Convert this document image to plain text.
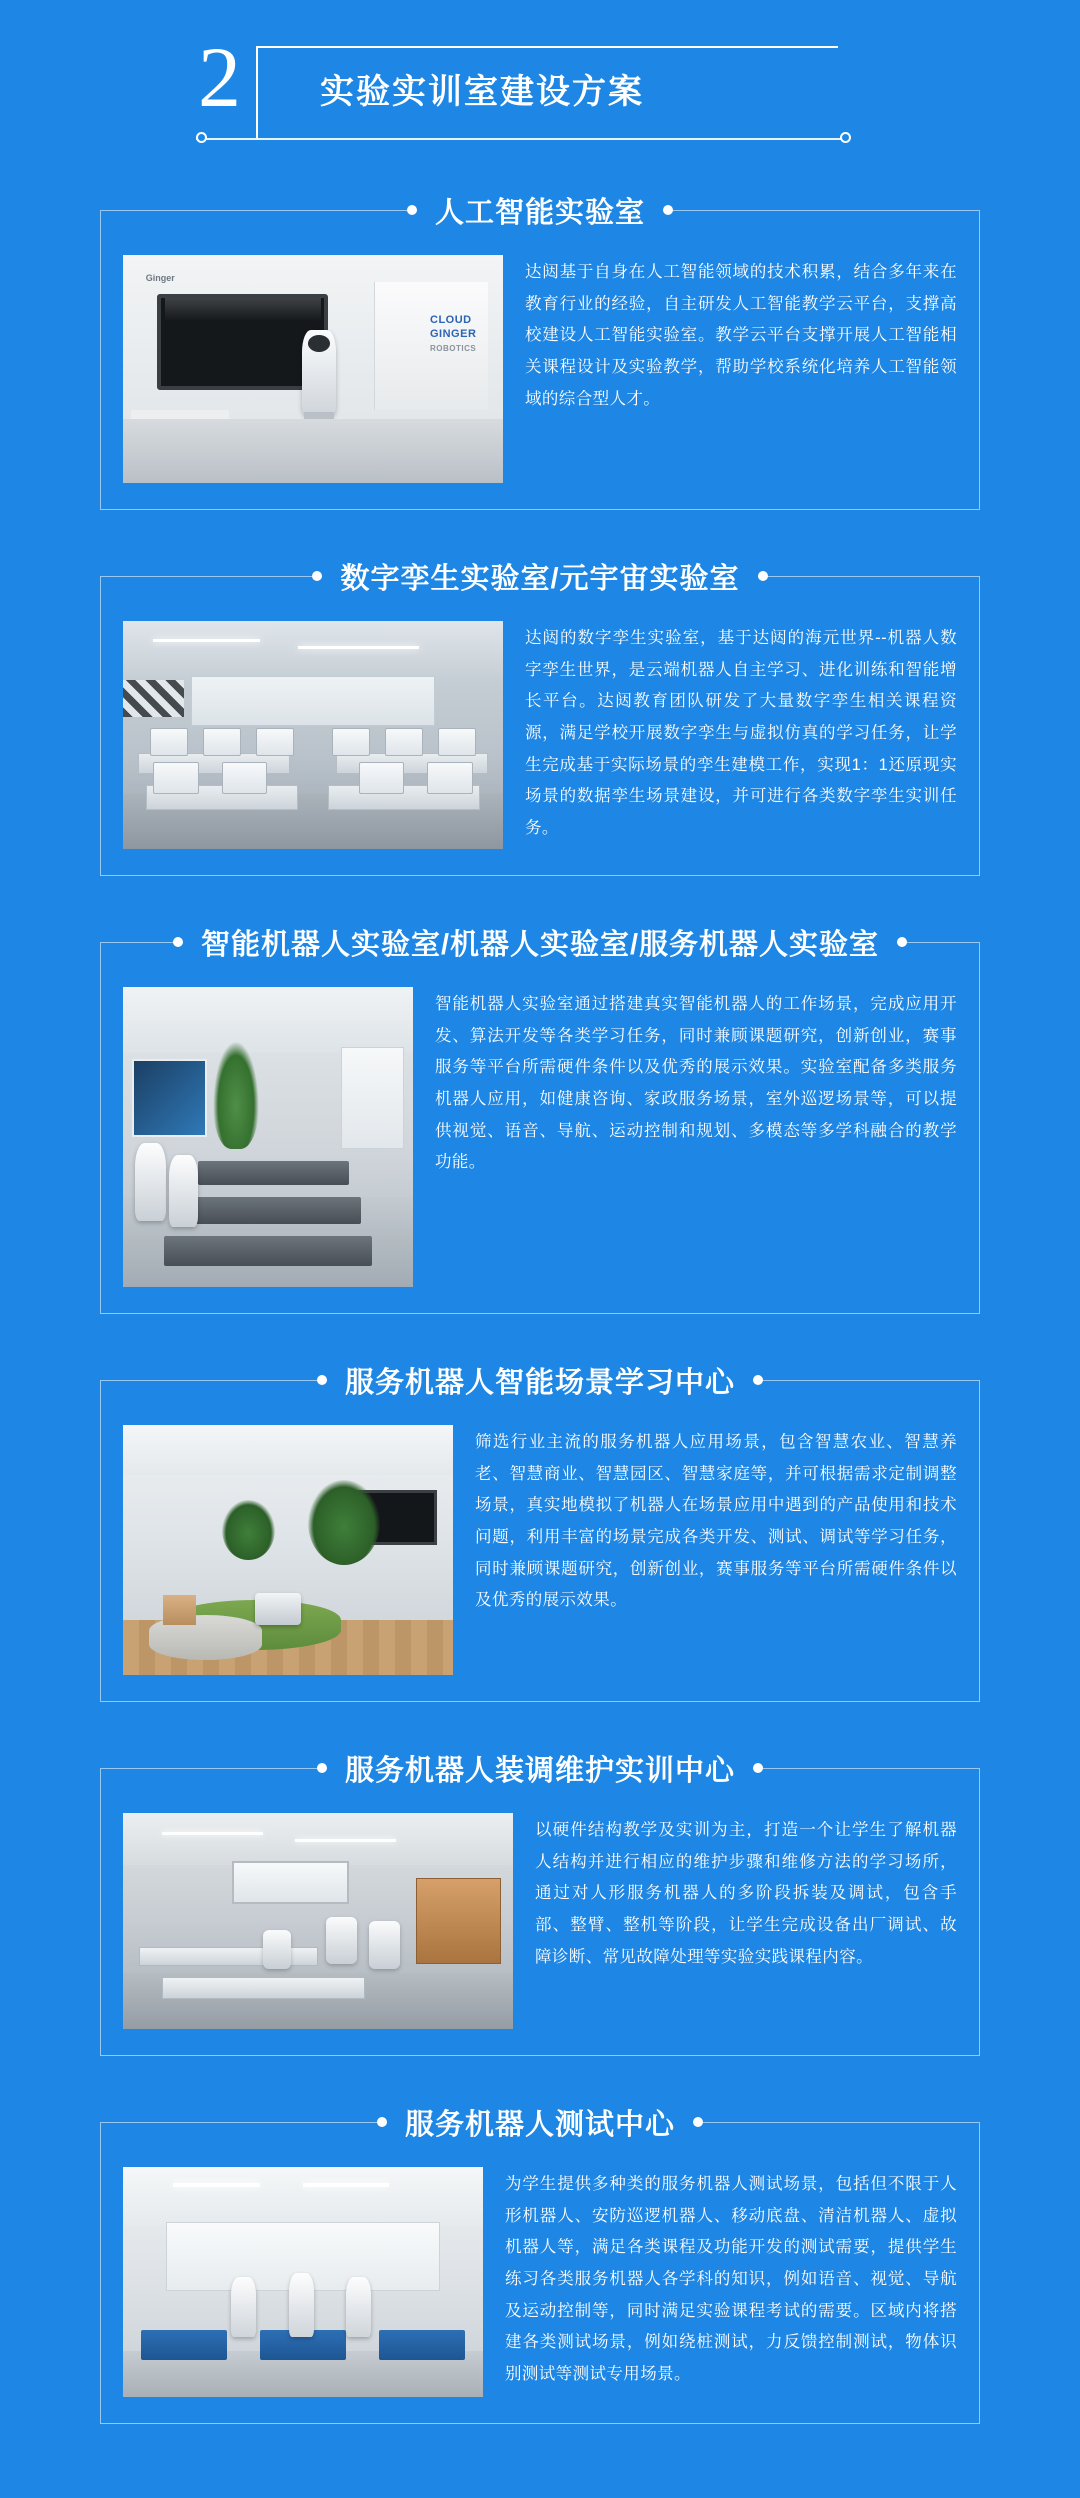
2 实验实训室建设方案
人工智能实验室
Ginger
CLOUD
GINGER
ROBOTICS
达闼基于自身在人工智能领域的技术积累，结合多年来在教育行业的经验，自主研发人工智能教学云平台，支撑高校建设人工智能实验室。教学云平台支撑开展人工智能相关课程设计及实验教学，帮助学校系统化培养人工智能领域的综合型人才。
数字孪生实验室/元宇宙实验室
达闼的数字孪生实验室，基于达闼的海元世界--机器人数字孪生世界，是云端机器人自主学习、进化训练和智能增长平台。达闼教育团队研发了大量数字孪生相关课程资源，满足学校开展数字孪生与虚拟仿真的学习任务，让学生完成基于实际场景的孪生建模工作，实现1：1还原现实场景的数据孪生场景建设，并可进行各类数字孪生实训任务。
智能机器人实验室/机器人实验室/服务机器人实验室
智能机器人实验室通过搭建真实智能机器人的工作场景，完成应用开发、算法开发等各类学习任务，同时兼顾课题研究，创新创业，赛事服务等平台所需硬件条件以及优秀的展示效果。实验室配备多类服务机器人应用，如健康咨询、家政服务场景，室外巡逻场景等，可以提供视觉、语音、导航、运动控制和规划、多模态等多学科融合的教学功能。
服务机器人智能场景学习中心
筛选行业主流的服务机器人应用场景，包含智慧农业、智慧养老、智慧商业、智慧园区、智慧家庭等，并可根据需求定制调整场景，真实地模拟了机器人在场景应用中遇到的产品使用和技术问题，利用丰富的场景完成各类开发、测试、调试等学习任务，同时兼顾课题研究，创新创业，赛事服务等平台所需硬件条件以及优秀的展示效果。
服务机器人装调维护实训中心
以硬件结构教学及实训为主，打造一个让学生了解机器人结构并进行相应的维护步骤和维修方法的学习场所，通过对人形服务机器人的多阶段拆装及调试，包含手部、整臂、整机等阶段，让学生完成设备出厂调试、故障诊断、常见故障处理等实验实践课程内容。
服务机器人测试中心
为学生提供多种类的服务机器人测试场景，包括但不限于人形机器人、安防巡逻机器人、移动底盘、清洁机器人、虚拟机器人等，满足各类课程及功能开发的测试需要，提供学生练习各类服务机器人各学科的知识，例如语音、视觉、导航及运动控制等，同时满足实验课程考试的需要。区域内将搭建各类测试场景，例如绕桩测试，力反馈控制测试，物体识别测试等测试专用场景。
